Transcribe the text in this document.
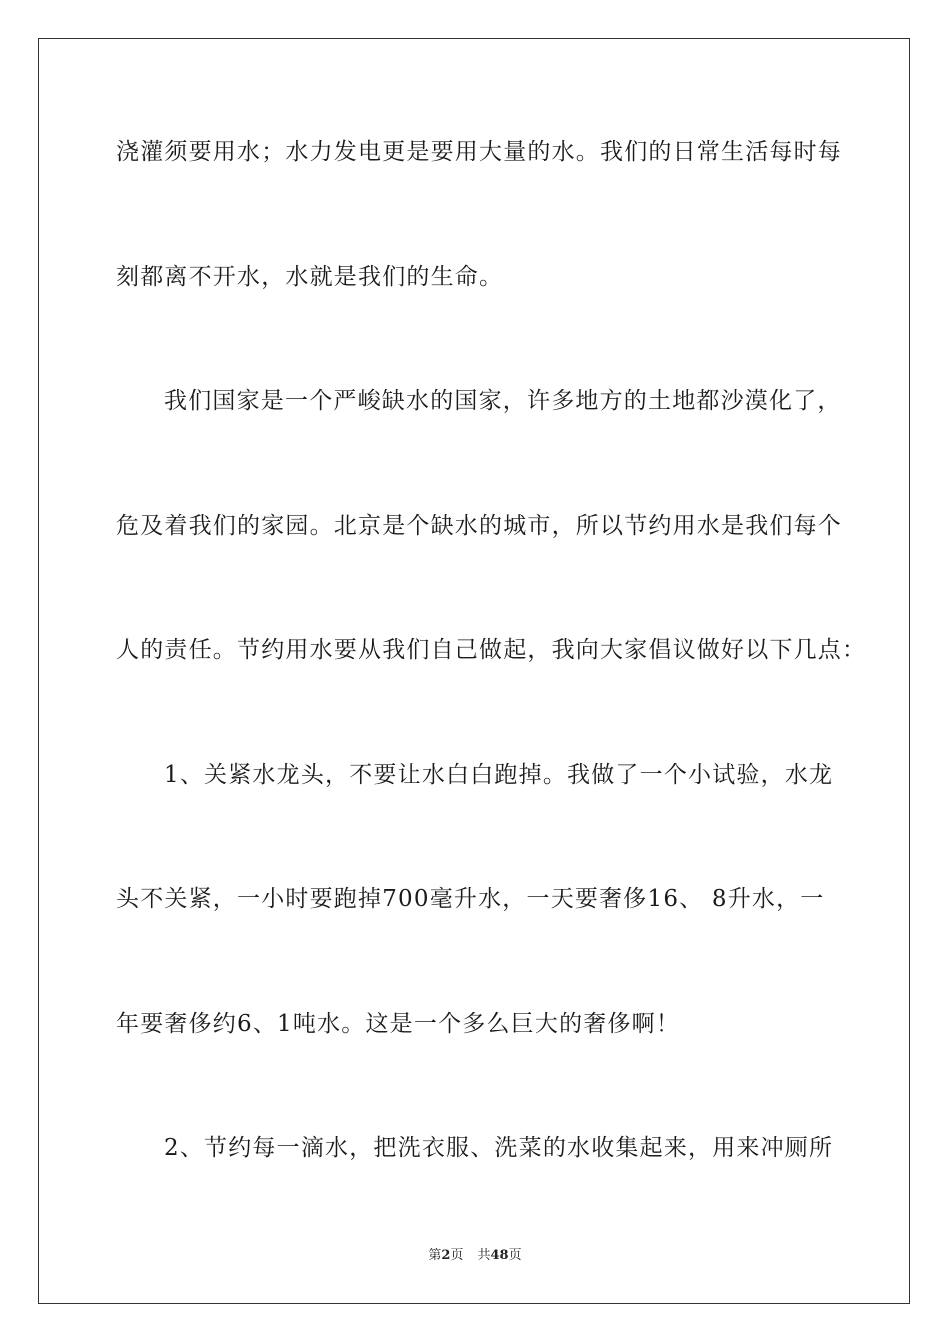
浇灌须要用水；水力发电更是要用大量的水。我们的日常生活每时每
刻都离不开水，水就是我们的生命。
我们国家是一个严峻缺水的国家，许多地方的土地都沙漠化了，
危及着我们的家园。北京是个缺水的城市，所以节约用水是我们每个
人的责任。节约用水要从我们自己做起，我向大家倡议做好以下几点：
1、关紧水龙头，不要让水白白跑掉。我做了一个小试验，水龙
头不关紧，一小时要跑掉700毫升水，一天要奢侈16、 8升水，一
年要奢侈约6、1吨水。这是一个多么巨大的奢侈啊！
2、节约每一滴水，把洗衣服、洗菜的水收集起来，用来冲厕所
第2页 共48页
